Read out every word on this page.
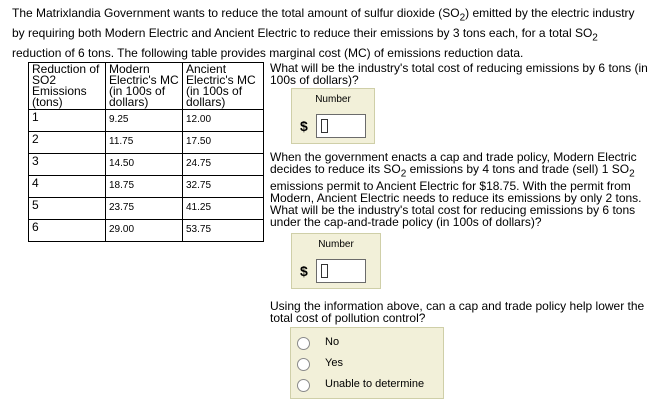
The Matrixlandia Government wants to reduce the total amount of sulfur dioxide $(SO_2)$ emitted by the electric industry

by requiring both Modern Electric and Ancient Electric to reduce their emissions by 3 tons each, for a total $SO_2$

reduction of 6 tons. The following table provides marginal cost (MC) of emissions reduction data.

Reduction of SO2 Emissions (tons)	Modern Electric's MC (in 100s of dollars)	Ancient Electric's MC (in 100s of dollars)
1	9.25	12.00
2	11.75	17.50
3	14.50	24.75
4	18.75	32.75
5	23.75	41.25
6	29.00	53.75
What will be the industry's total cost of reducing emissions by 6 tons (in 100s of dollars)?
Number
$
When the government enacts a cap and trade policy, Modern Electric decides to reduce its $SO_2$ emissions by 4 tons and trade (sell) 1 $SO_2$ emissions permit to Ancient Electric for $18.75. With the permit from Modern, Ancient Electric needs to reduce its emissions by only 2 tons. What will be the industry's total cost for reducing emissions by 6 tons under the cap-and-trade policy (in 100s of dollars)?
Number
$
Using the information above, can a cap and trade policy help lower the total cost of pollution control?
No
Yes
Unable to determine
